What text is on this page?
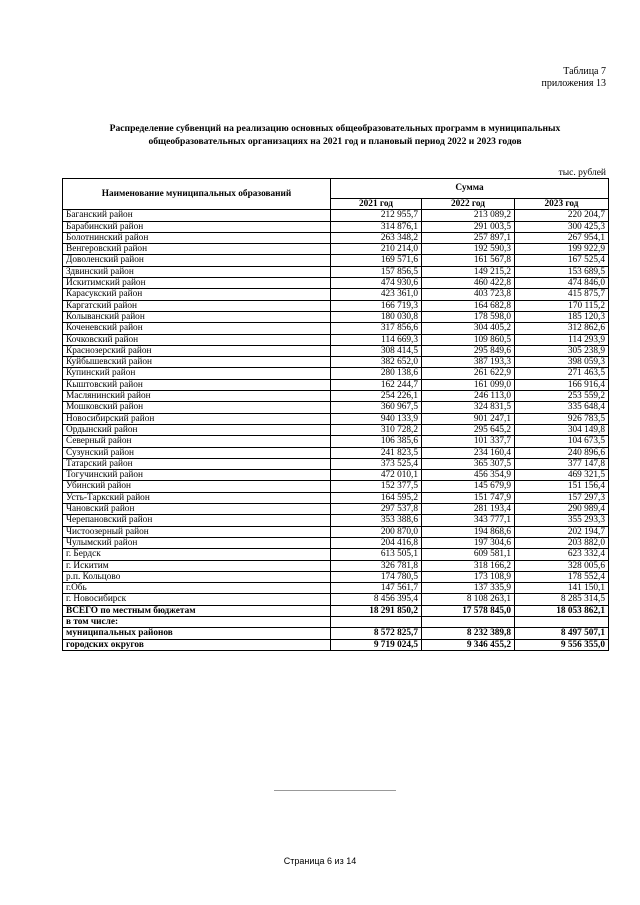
Таблица 7
приложения 13
Распределение субвенций на реализацию основных общеобразовательных программ в муниципальных
общеобразовательных организациях на 2021 год и плановый период 2022 и 2023 годов
тыс. рублей
Наименование муниципальных образований	Сумма		
	2021 год	2022 год	2023 год
Баганский район	212 955,7	213 089,2	220 204,7
Барабинский район	314 876,1	291 003,5	300 425,3
Болотнинский район	263 348,2	257 897,1	267 954,1
Венгеровский район	210 214,0	192 590,3	199 922,9
Доволенский район	169 571,6	161 567,8	167 525,4
Здвинский район	157 856,5	149 215,2	153 689,5
Искитимский район	474 930,6	460 422,8	474 846,0
Карасукский район	423 361,0	403 723,8	415 875,7
Каргатский район	166 719,3	164 682,8	170 115,2
Колыванский район	180 030,8	178 598,0	185 120,3
Коченевский район	317 856,6	304 405,2	312 862,6
Кочковский район	114 669,3	109 860,5	114 293,9
Краснозерский район	308 414,5	295 849,6	305 238,9
Куйбышевский район	382 652,0	387 193,3	398 059,3
Купинский район	280 138,6	261 622,9	271 463,5
Кыштовский район	162 244,7	161 099,0	166 916,4
Маслянинский район	254 226,1	246 113,0	253 559,2
Мошковский район	360 967,5	324 831,5	335 648,4
Новосибирский район	940 133,9	901 247,1	926 783,5
Ордынский район	310 728,2	295 645,2	304 149,8
Северный район	106 385,6	101 337,7	104 673,5
Сузунский район	241 823,5	234 160,4	240 896,6
Татарский район	373 525,4	365 307,5	377 147,8
Тогучинский район	472 010,1	456 354,9	469 321,5
Убинский район	152 377,5	145 679,9	151 156,4
Усть-Таркский район	164 595,2	151 747,9	157 297,3
Чановский район	297 537,8	281 193,4	290 989,4
Черепановский район	353 388,6	343 777,1	355 293,3
Чистоозерный район	200 870,0	194 868,6	202 194,7
Чулымский район	204 416,8	197 304,6	203 882,0
г. Бердск	613 505,1	609 581,1	623 332,4
г. Искитим	326 781,8	318 166,2	328 005,6
р.п. Кольцово	174 780,5	173 108,9	178 552,4
г.Обь	147 561,7	137 335,9	141 150,1
г. Новосибирск	8 456 395,4	8 108 263,1	8 285 314,5
ВСЕГО по местным бюджетам	18 291 850,2	17 578 845,0	18 053 862,1
в том числе:			
муниципальных районов	8 572 825,7	8 232 389,8	8 497 507,1
городских округов	9 719 024,5	9 346 455,2	9 556 355,0
Страница 6 из 14
